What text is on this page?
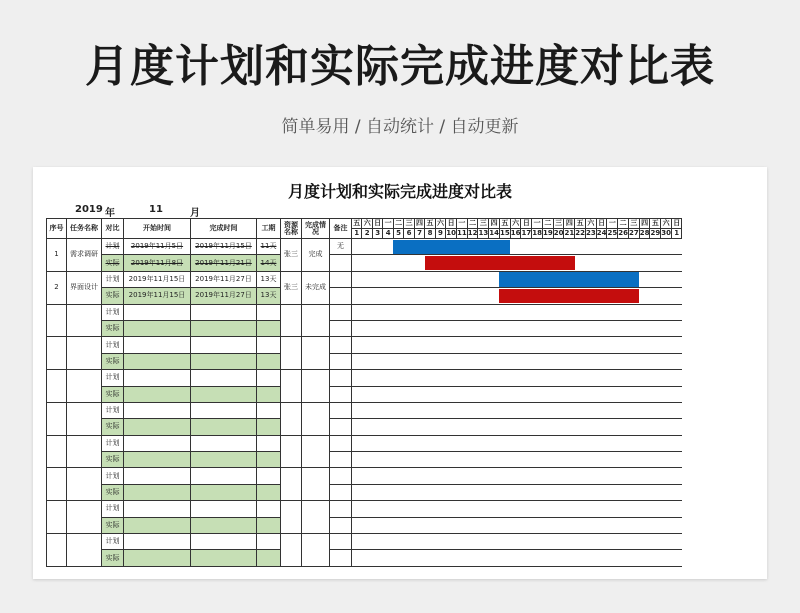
月度计划和实际完成进度对比表
简单易用 / 自动统计 / 自动更新
月度计划和实际完成进度对比表
2019 年	11	月
序号	任务名称	对比	开始时间	完成时间	工期	资源名称	完成情况	备注	五	六	日	一	二	三	四	五	六	日	一	二	三	四	五	六	日	一	二	三	四	五	六	日	一	二	三	四	五	六	日
									1	2	3	4	5	6	7	8	9	10	11	12	13	14	15	16	17	18	19	20	21	22	23	24	25	26	27	28	29	30	1
1	需求调研	计划	2019年11月5日	2019年11月15日	11天	张三	完成	无																															
		实际	2019年11月8日	2019年11月21日	14天																																		
2	界面设计	计划	2019年11月15日	2019年11月27日	13天	张三	未完成																																
		实际	2019年11月15日	2019年11月27日	13天																																		
		计划																																					
		实际																																					
		计划																																					
		实际																																					
		计划																																					
		实际																																					
		计划																																					
		实际																																					
		计划																																					
		实际																																					
		计划																																					
		实际																																					
		计划																																					
		实际																																					
		计划																																					
		实际																																					
